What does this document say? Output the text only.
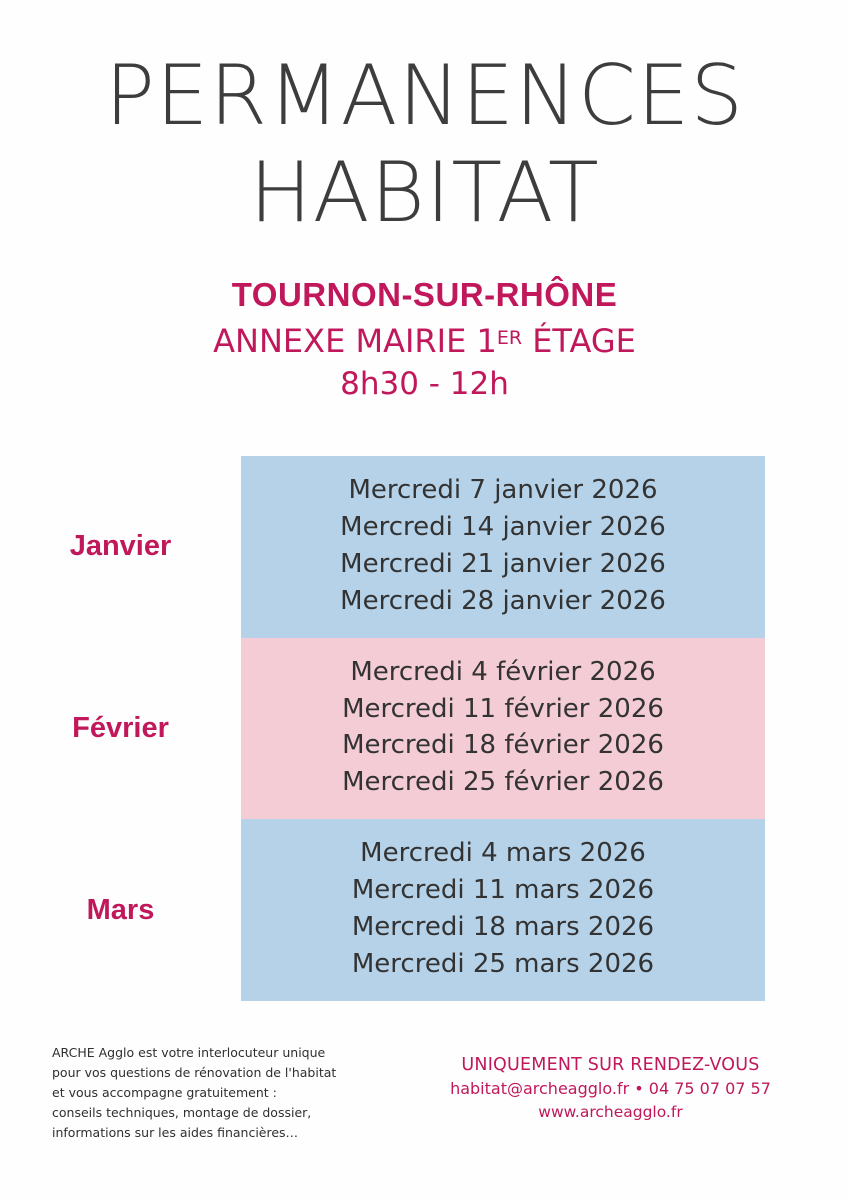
PERMANENCES
HABITAT
TOURNON-SUR-RHÔNE
ANNEXE MAIRIE 1ER ÉTAGE
8h30 - 12h
Janvier
Mercredi 7 janvier 2026
Mercredi 14 janvier 2026
Mercredi 21 janvier 2026
Mercredi 28 janvier 2026
Février
Mercredi 4 février 2026
Mercredi 11 février 2026
Mercredi 18 février 2026
Mercredi 25 février 2026
Mars
Mercredi 4 mars 2026
Mercredi 11 mars 2026
Mercredi 18 mars 2026
Mercredi 25 mars 2026
ARCHE Agglo est votre interlocuteur unique
pour vos questions de rénovation de l'habitat
et vous accompagne gratuitement :
conseils techniques, montage de dossier,
informations sur les aides financières…
UNIQUEMENT SUR RENDEZ-VOUS
habitat@archeagglo.fr • 04 75 07 07 57
www.archeagglo.fr
